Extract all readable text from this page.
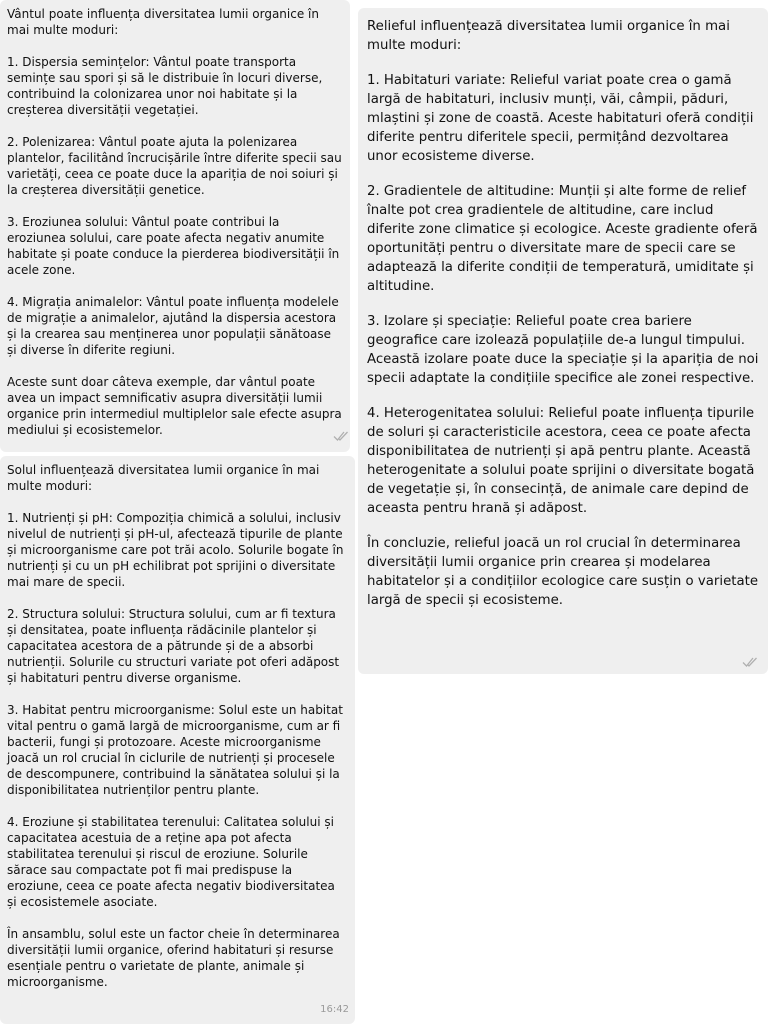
Vântul poate influența diversitatea lumii organice în mai multe moduri:

1. Dispersia semințelor: Vântul poate transporta semințe sau spori și să le distribuie în locuri diverse, contribuind la colonizarea unor noi habitate și la creșterea diversității vegetației.

2. Polenizarea: Vântul poate ajuta la polenizarea plantelor, facilitând încrucișările între diferite specii sau varietăți, ceea ce poate duce la apariția de noi soiuri și la creșterea diversității genetice.

3. Eroziunea solului: Vântul poate contribui la eroziunea solului, care poate afecta negativ anumite habitate și poate conduce la pierderea biodiversității în acele zone.

4. Migrația animalelor: Vântul poate influența modelele de migrație a animalelor, ajutând la dispersia acestora și la crearea sau menținerea unor populații sănătoase și diverse în diferite regiuni.

Aceste sunt doar câteva exemple, dar vântul poate avea un impact semnificativ asupra diversității lumii organice prin intermediul multiplelor sale efecte asupra mediului și ecosistemelor.

Solul influențează diversitatea lumii organice în mai multe moduri:

1. Nutrienți și pH: Compoziția chimică a solului, inclusiv nivelul de nutrienți și pH-ul, afectează tipurile de plante și microorganisme care pot trăi acolo. Solurile bogate în nutrienți și cu un pH echilibrat pot sprijini o diversitate mai mare de specii.

2. Structura solului: Structura solului, cum ar fi textura și densitatea, poate influența rădăcinile plantelor și capacitatea acestora de a pătrunde și de a absorbi nutrienții. Solurile cu structuri variate pot oferi adăpost și habitaturi pentru diverse organisme.

3. Habitat pentru microorganisme: Solul este un habitat vital pentru o gamă largă de microorganisme, cum ar fi bacterii, fungi și protozoare. Aceste microorganisme joacă un rol crucial în ciclurile de nutrienți și procesele de descompunere, contribuind la sănătatea solului și la disponibilitatea nutrienților pentru plante.

4. Eroziune și stabilitatea terenului: Calitatea solului și capacitatea acestuia de a reține apa pot afecta stabilitatea terenului și riscul de eroziune. Solurile sărace sau compactate pot fi mai predispuse la eroziune, ceea ce poate afecta negativ biodiversitatea și ecosistemele asociate.

În ansamblu, solul este un factor cheie în determinarea diversității lumii organice, oferind habitaturi și resurse esențiale pentru o varietate de plante, animale și microorganisme.

16:42

Relieful influențează diversitatea lumii organice în mai multe moduri:

1. Habitaturi variate: Relieful variat poate crea o gamă largă de habitaturi, inclusiv munți, văi, câmpii, păduri, mlaștini și zone de coastă. Aceste habitaturi oferă condiții diferite pentru diferitele specii, permițând dezvoltarea unor ecosisteme diverse.

2. Gradientele de altitudine: Munții și alte forme de relief înalte pot crea gradientele de altitudine, care includ diferite zone climatice și ecologice. Aceste gradiente oferă oportunități pentru o diversitate mare de specii care se adaptează la diferite condiții de temperatură, umiditate și altitudine.

3. Izolare și speciație: Relieful poate crea bariere geografice care izolează populațiile de-a lungul timpului. Această izolare poate duce la speciație și la apariția de noi specii adaptate la condițiile specifice ale zonei respective.

4. Heterogenitatea solului: Relieful poate influența tipurile de soluri și caracteristicile acestora, ceea ce poate afecta disponibilitatea de nutrienți și apă pentru plante. Această heterogenitate a solului poate sprijini o diversitate bogată de vegetație și, în consecință, de animale care depind de aceasta pentru hrană și adăpost.

În concluzie, relieful joacă un rol crucial în determinarea diversității lumii organice prin crearea și modelarea habitatelor și a condițiilor ecologice care susțin o varietate largă de specii și ecosisteme.
